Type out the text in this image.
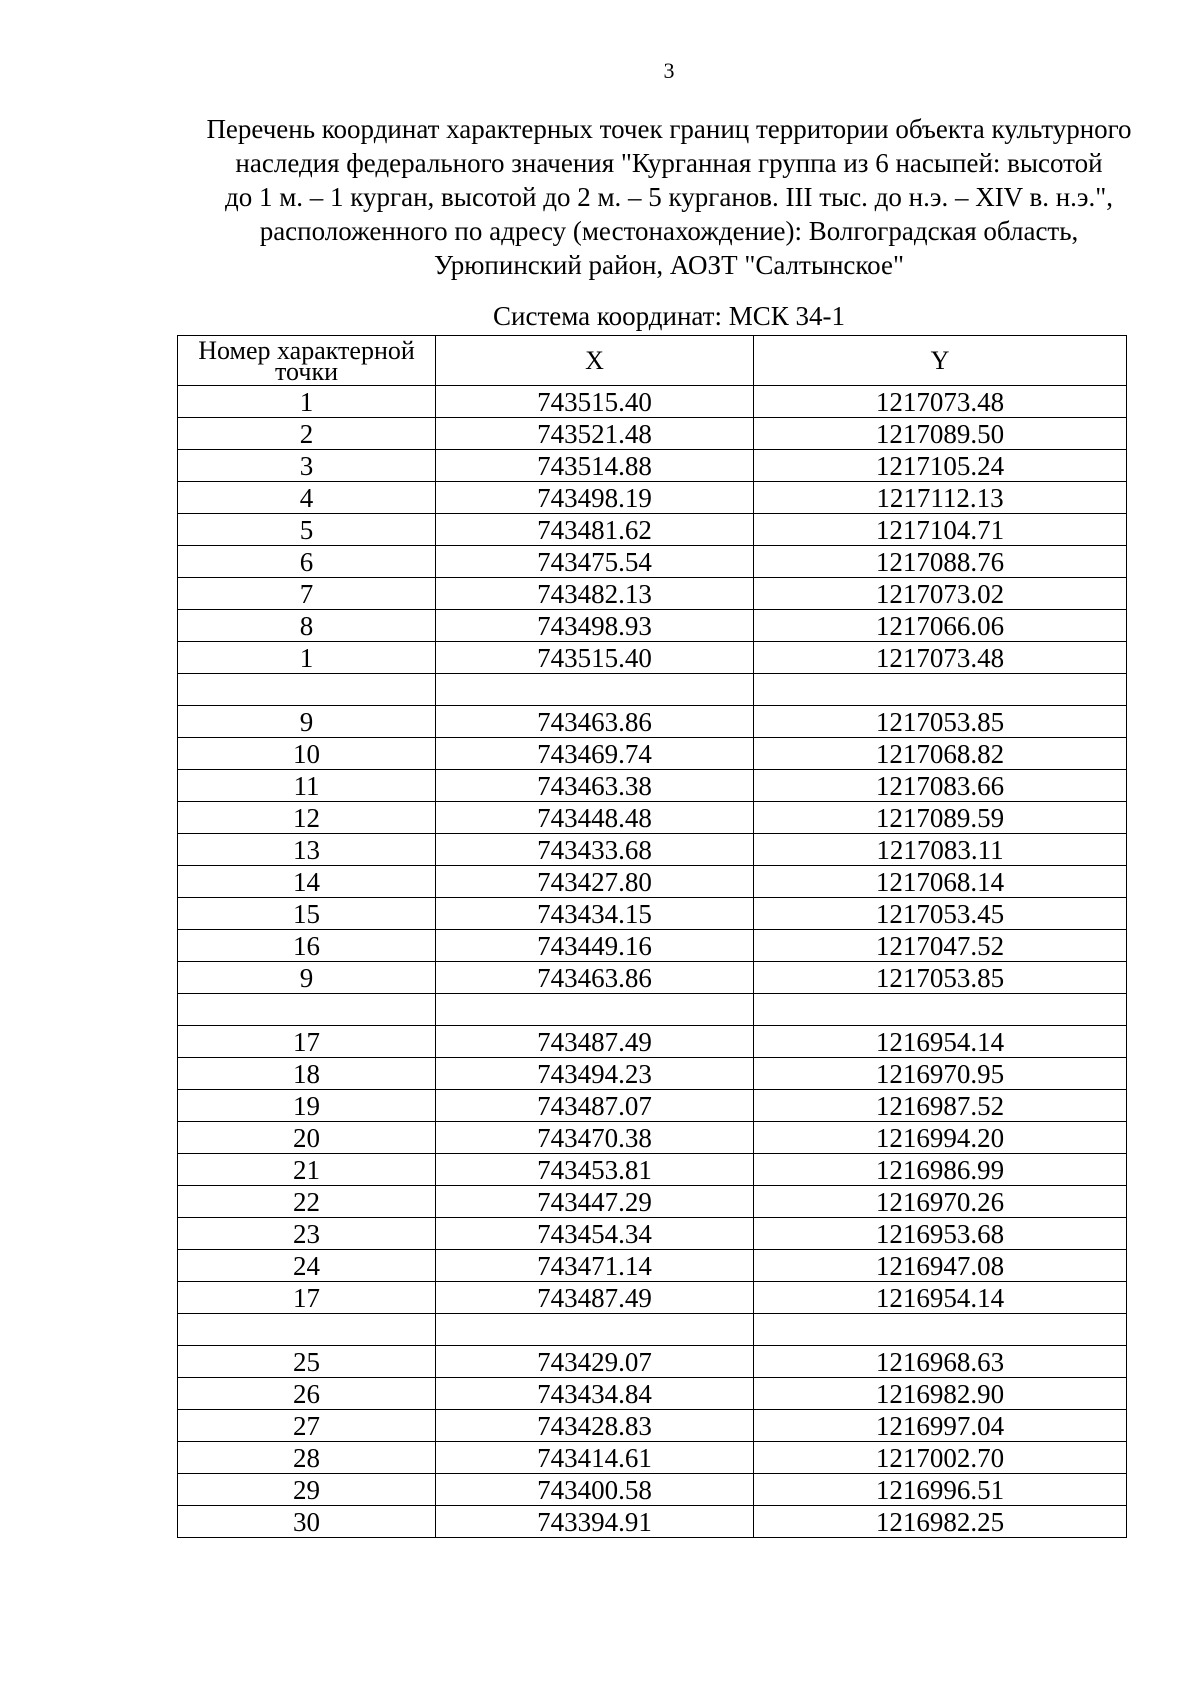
3
Перечень координат характерных точек границ территории объекта культурного
наследия федерального значения "Курганная группа из 6 насыпей: высотой
до 1 м. – 1 курган, высотой до 2 м. – 5 курганов. III тыс. до н.э. – XIV в. н.э.",
расположенного по адресу (местонахождение): Волгоградская область,
Урюпинский район, АОЗТ "Салтынское"
Система координат: МСК 34-1
Номер характерной точки	X	Y
1	743515.40	1217073.48
2	743521.48	1217089.50
3	743514.88	1217105.24
4	743498.19	1217112.13
5	743481.62	1217104.71
6	743475.54	1217088.76
7	743482.13	1217073.02
8	743498.93	1217066.06
1	743515.40	1217073.48

9	743463.86	1217053.85
10	743469.74	1217068.82
11	743463.38	1217083.66
12	743448.48	1217089.59
13	743433.68	1217083.11
14	743427.80	1217068.14
15	743434.15	1217053.45
16	743449.16	1217047.52
9	743463.86	1217053.85

17	743487.49	1216954.14
18	743494.23	1216970.95
19	743487.07	1216987.52
20	743470.38	1216994.20
21	743453.81	1216986.99
22	743447.29	1216970.26
23	743454.34	1216953.68
24	743471.14	1216947.08
17	743487.49	1216954.14

25	743429.07	1216968.63
26	743434.84	1216982.90
27	743428.83	1216997.04
28	743414.61	1217002.70
29	743400.58	1216996.51
30	743394.91	1216982.25
